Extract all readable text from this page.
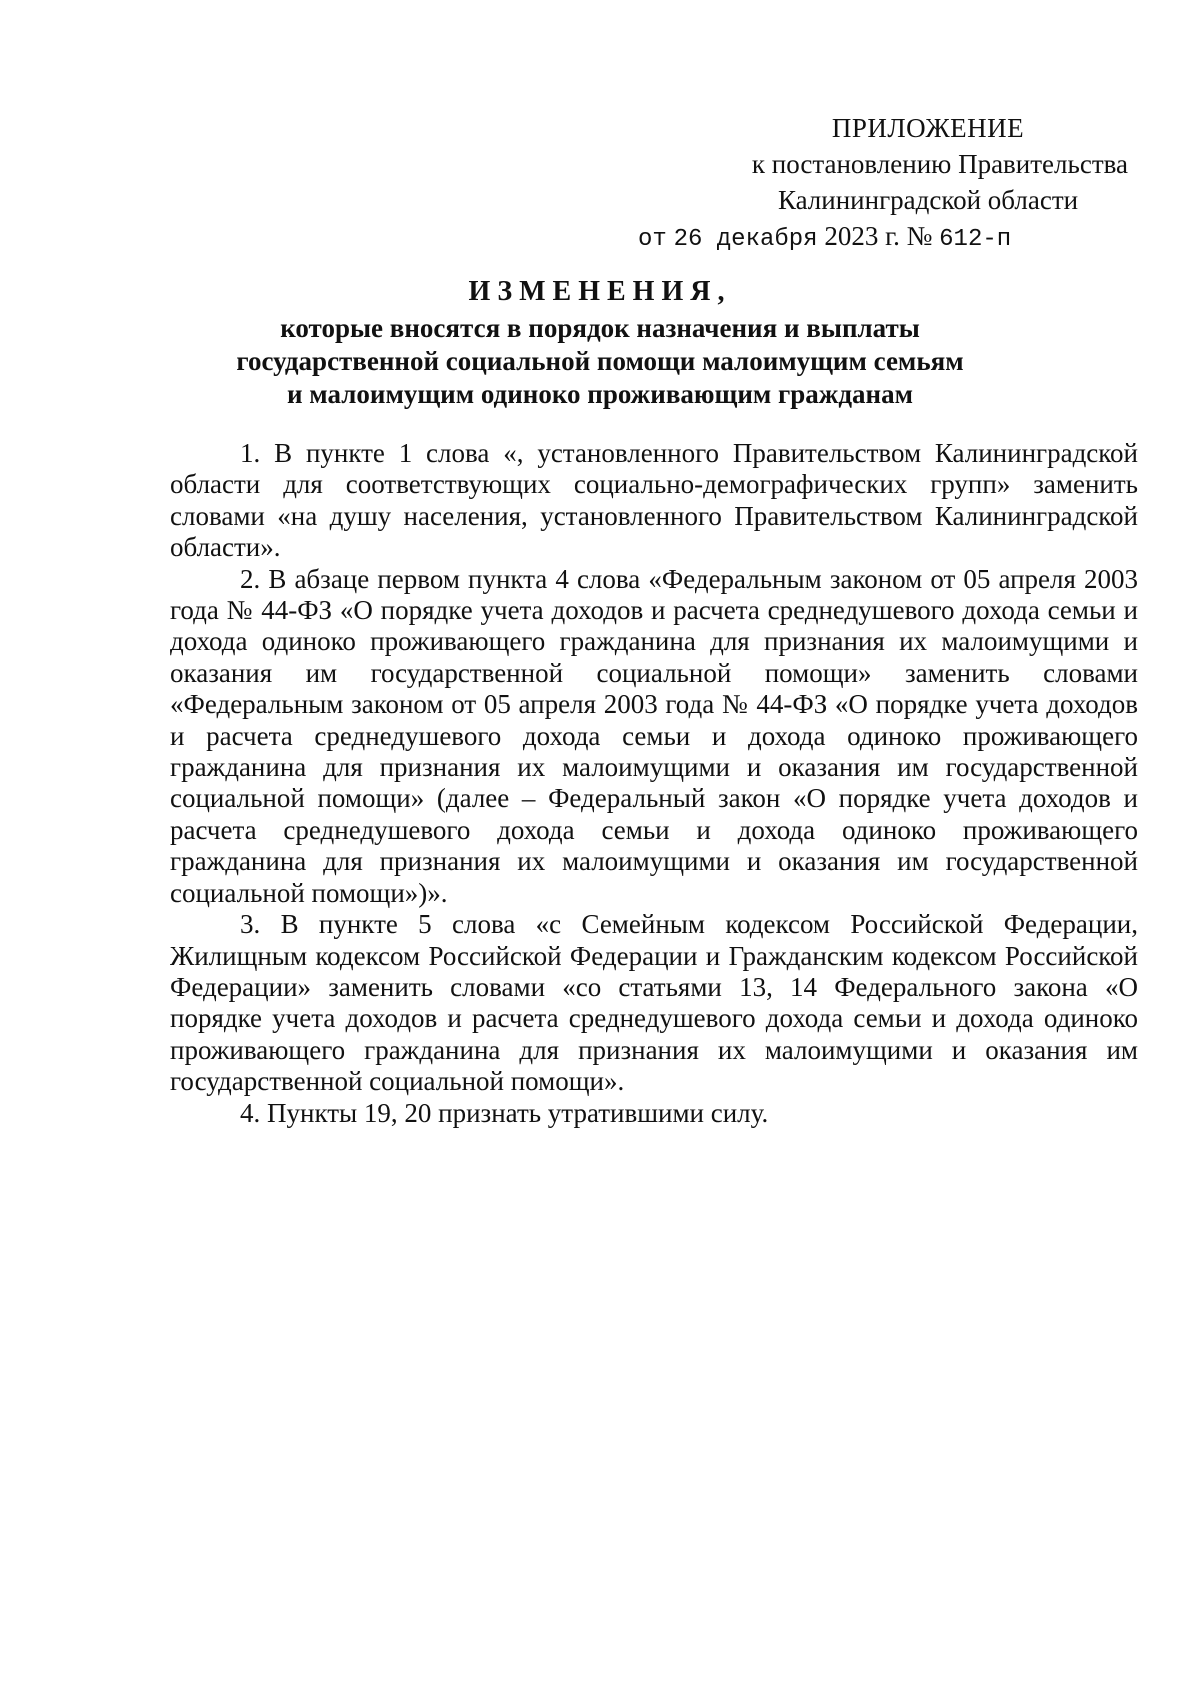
ПРИЛОЖЕНИЕ
к постановлению Правительства
Калининградской области
от 26 декабря 2023 г. № 612-п
ИЗМЕНЕНИЯ,
которые вносятся в порядок назначения и выплаты
государственной социальной помощи малоимущим семьям
и малоимущим одиноко проживающим гражданам

1. В пункте 1 слова «, установленного Правительством Калининградской области для соответствующих социально-демографических групп» заменить словами «на душу населения, установленного Правительством Калининградской области».

2. В абзаце первом пункта 4 слова «Федеральным законом от 05 апреля 2003 года № 44-ФЗ «О порядке учета доходов и расчета среднедушевого дохода семьи и дохода одиноко проживающего гражданина для признания их малоимущими и оказания им государственной социальной помощи» заменить словами «Федеральным законом от 05 апреля 2003 года № 44-ФЗ «О порядке учета доходов и расчета среднедушевого дохода семьи и дохода одиноко проживающего гражданина для признания их малоимущими и оказания им государственной социальной помощи» (далее – Федеральный закон «О порядке учета доходов и расчета среднедушевого дохода семьи и дохода одиноко проживающего гражданина для признания их малоимущими и оказания им государственной социальной помощи»)».

3. В пункте 5 слова «с Семейным кодексом Российской Федерации, Жилищным кодексом Российской Федерации и Гражданским кодексом Российской Федерации» заменить словами «со статьями 13, 14 Федерального закона «О порядке учета доходов и расчета среднедушевого дохода семьи и дохода одиноко проживающего гражданина для признания их малоимущими и оказания им государственной социальной помощи».

4. Пункты 19, 20 признать утратившими силу.
